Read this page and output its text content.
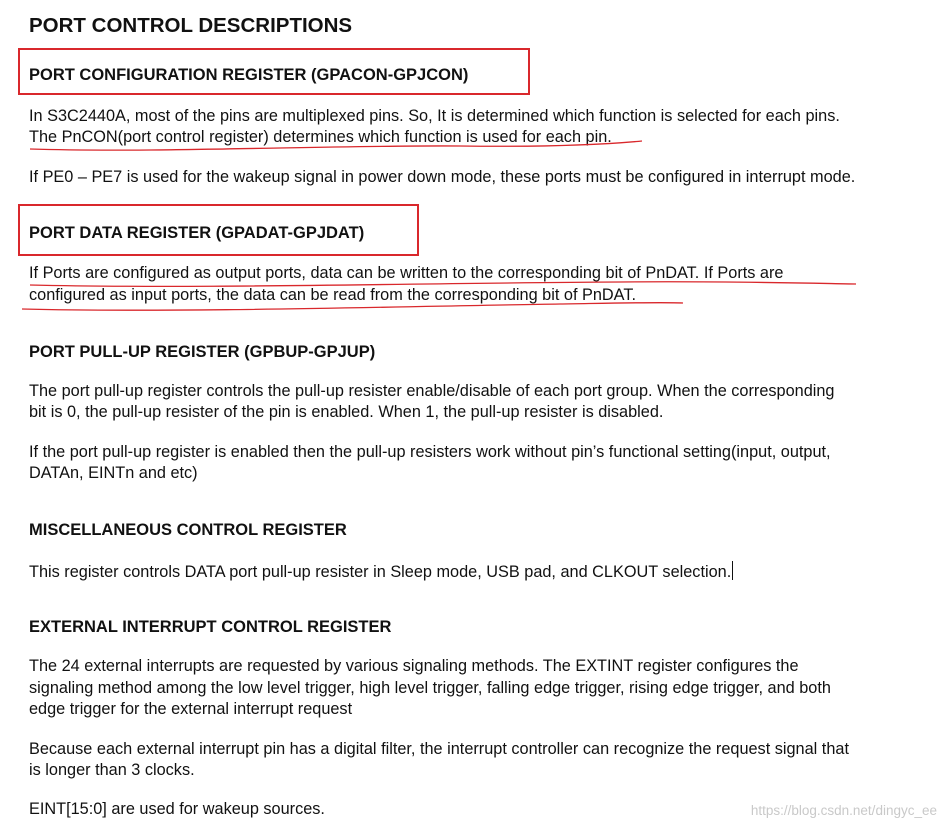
PORT CONTROL DESCRIPTIONS
PORT CONFIGURATION REGISTER (GPACON-GPJCON)
In S3C2440A, most of the pins are multiplexed pins. So, It is determined which function is selected for each pins.
The PnCON(port control register) determines which function is used for each pin.
If PE0 – PE7 is used for the wakeup signal in power down mode, these ports must be configured in interrupt mode.
PORT DATA REGISTER (GPADAT-GPJDAT)
If Ports are configured as output ports, data can be written to the corresponding bit of PnDAT. If Ports are
configured as input ports, the data can be read from the corresponding bit of PnDAT.
PORT PULL-UP REGISTER (GPBUP-GPJUP)
The port pull-up register controls the pull-up resister enable/disable of each port group. When the corresponding
bit is 0, the pull-up resister of the pin is enabled. When 1, the pull-up resister is disabled.
If the port pull-up register is enabled then the pull-up resisters work without pin’s functional setting(input, output,
DATAn, EINTn and etc)
MISCELLANEOUS CONTROL REGISTER
This register controls DATA port pull-up resister in Sleep mode, USB pad, and CLKOUT selection.
EXTERNAL INTERRUPT CONTROL REGISTER
The 24 external interrupts are requested by various signaling methods. The EXTINT register configures the
signaling method among the low level trigger, high level trigger, falling edge trigger, rising edge trigger, and both
edge trigger for the external interrupt request
Because each external interrupt pin has a digital filter, the interrupt controller can recognize the request signal that
is longer than 3 clocks.
EINT[15:0] are used for wakeup sources.	https://blog.csdn.net/dingyc_ee
